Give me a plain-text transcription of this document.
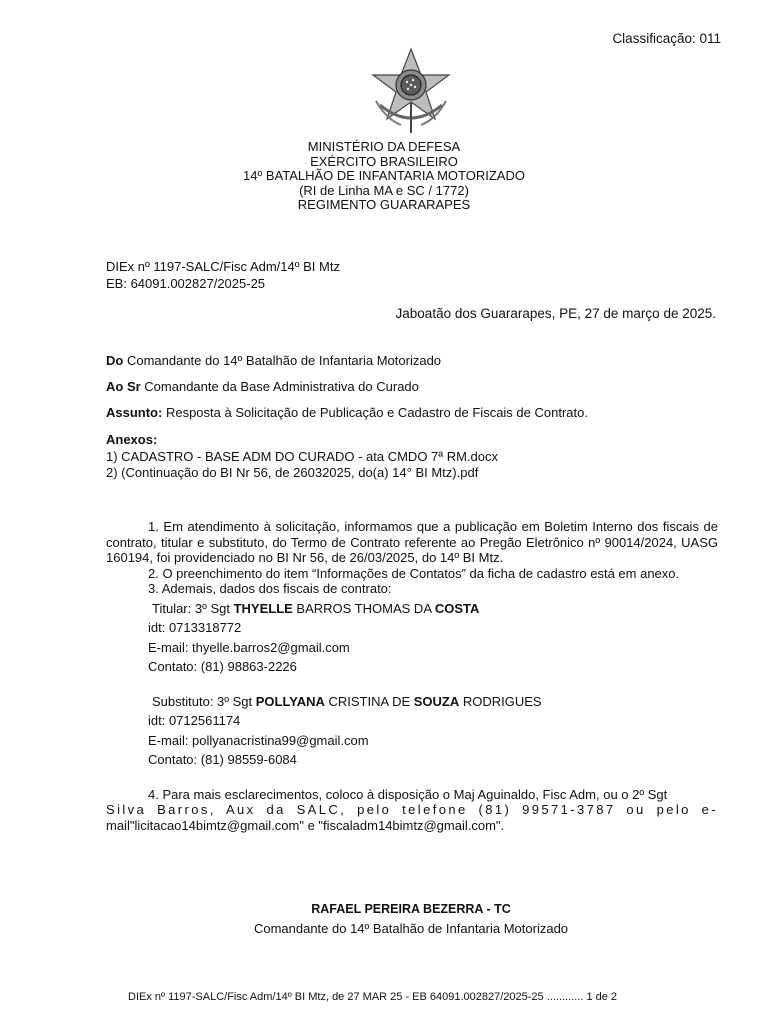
Classificação: 011
MINISTÉRIO DA DEFESA
EXÉRCITO BRASILEIRO
14º BATALHÃO DE INFANTARIA MOTORIZADO
(RI de Linha MA e SC / 1772)
REGIMENTO GUARARAPES
DIEx nº 1197-SALC/Fisc Adm/14º BI Mtz
EB: 64091.002827/2025-25
Jaboatão dos Guararapes, PE, 27 de março de 2025.
Do Comandante do 14º Batalhão de Infantaria Motorizado
Ao Sr Comandante da Base Administrativa do Curado
Assunto: Resposta à Solicitação de Publicação e Cadastro de Fiscais de Contrato.
Anexos:
1) CADASTRO - BASE ADM DO CURADO - ata CMDO 7ª RM.docx
2) (Continuação do BI Nr 56, de 26032025, do(a) 14° BI Mtz).pdf
1. Em atendimento à solicitação, informamos que a publicação em Boletim Interno dos fiscais de contrato, titular e substituto, do Termo de Contrato referente ao Pregão Eletrônico nº 90014/2024, UASG 160194, foi providenciado no BI Nr 56, de 26/03/2025, do 14º BI Mtz.
2. O preenchimento do item “Informações de Contatos” da ficha de cadastro está em anexo.
3. Ademais, dados dos fiscais de contrato:
Titular: 3º Sgt THYELLE BARROS THOMAS DA COSTA
idt: 0713318772
E-mail: thyelle.barros2@gmail.com
Contato: (81) 98863-2226
Substituto: 3º Sgt POLLYANA CRISTINA DE SOUZA RODRIGUES
idt: 0712561174
E-mail: pollyanacristina99@gmail.com
Contato: (81) 98559-6084
4. Para mais esclarecimentos, coloco à disposição o Maj Aguinaldo, Fisc Adm, ou o 2º Sgt
Silva Barros, Aux da SALC, pelo telefone (81) 99571-3787 ou pelo e-
mail"licitacao14bimtz@gmail.com" e "fiscaladm14bimtz@gmail.com".
RAFAEL PEREIRA BEZERRA - TC
Comandante do 14º Batalhão de Infantaria Motorizado
DIEx nº 1197-SALC/Fisc Adm/14º BI Mtz, de 27 MAR 25 - EB 64091.002827/2025-25 ............ 1 de 2
